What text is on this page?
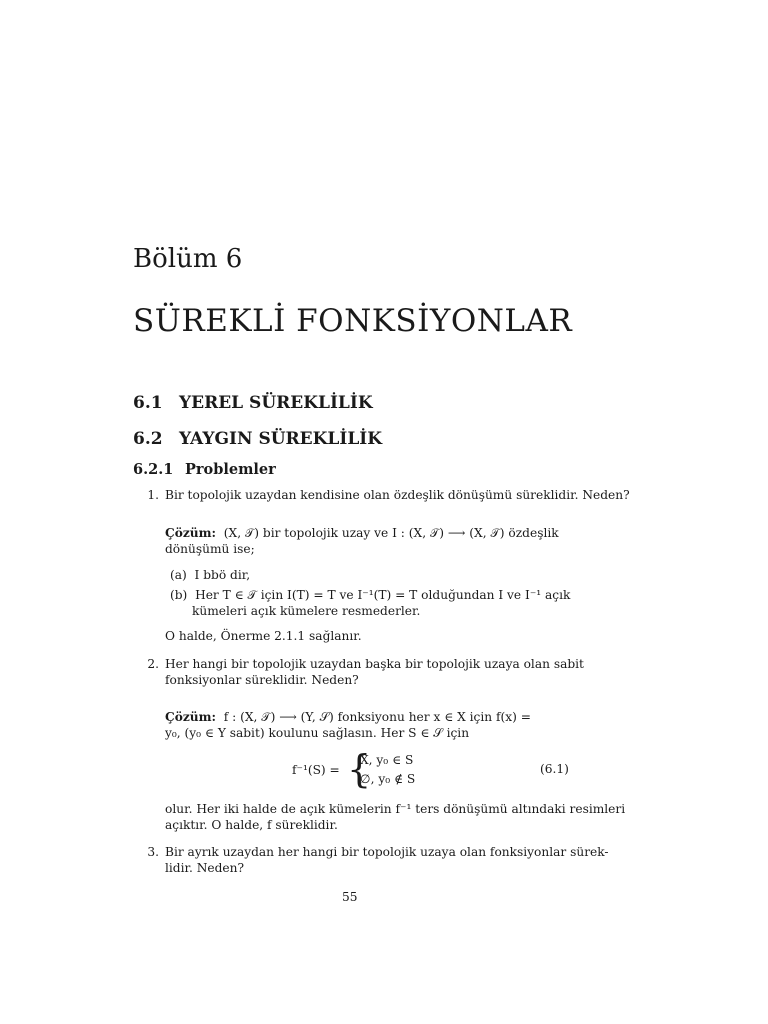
Bölüm 6
SÜREKLİ FONKSİYONLAR
6.1 YEREL SÜREKLİLİK
6.2 YAYGIN SÜREKLİLİK
6.2.1 Problemler
1. Bir topolojik uzaydan kendisine olan özdeşlik dönüşümü süreklidir. Neden?
Çözüm: (X, 𝒯) bir topolojik uzay ve I : (X, 𝒯) ⟶ (X, 𝒯) özdeşlik
dönüşümü ise;
(a) I bbö dir,
(b) Her T ∈ 𝒯 için I(T) = T ve I⁻¹(T) = T olduğundan I ve I⁻¹ açık
kümeleri açık kümelere resmederler.
O halde, Önerme 2.1.1 sağlanır.
2. Her hangi bir topolojik uzaydan başka bir topolojik uzaya olan sabit
fonksiyonlar süreklidir. Neden?
Çözüm: f : (X, 𝒯) ⟶ (Y, 𝒮) fonksiyonu her x ∈ X için f(x) =
y₀, (y₀ ∈ Y sabit) koulunu sağlasın. Her S ∈ 𝒮 için
f⁻¹(S) = {
X, y₀ ∈ S
∅, y₀ ∉ S
(6.1)
olur. Her iki halde de açık kümelerin f⁻¹ ters dönüşümü altındaki resimleri
açıktır. O halde, f süreklidir.
3. Bir ayrık uzaydan her hangi bir topolojik uzaya olan fonksiyonlar sürek-
lidir. Neden?
55
